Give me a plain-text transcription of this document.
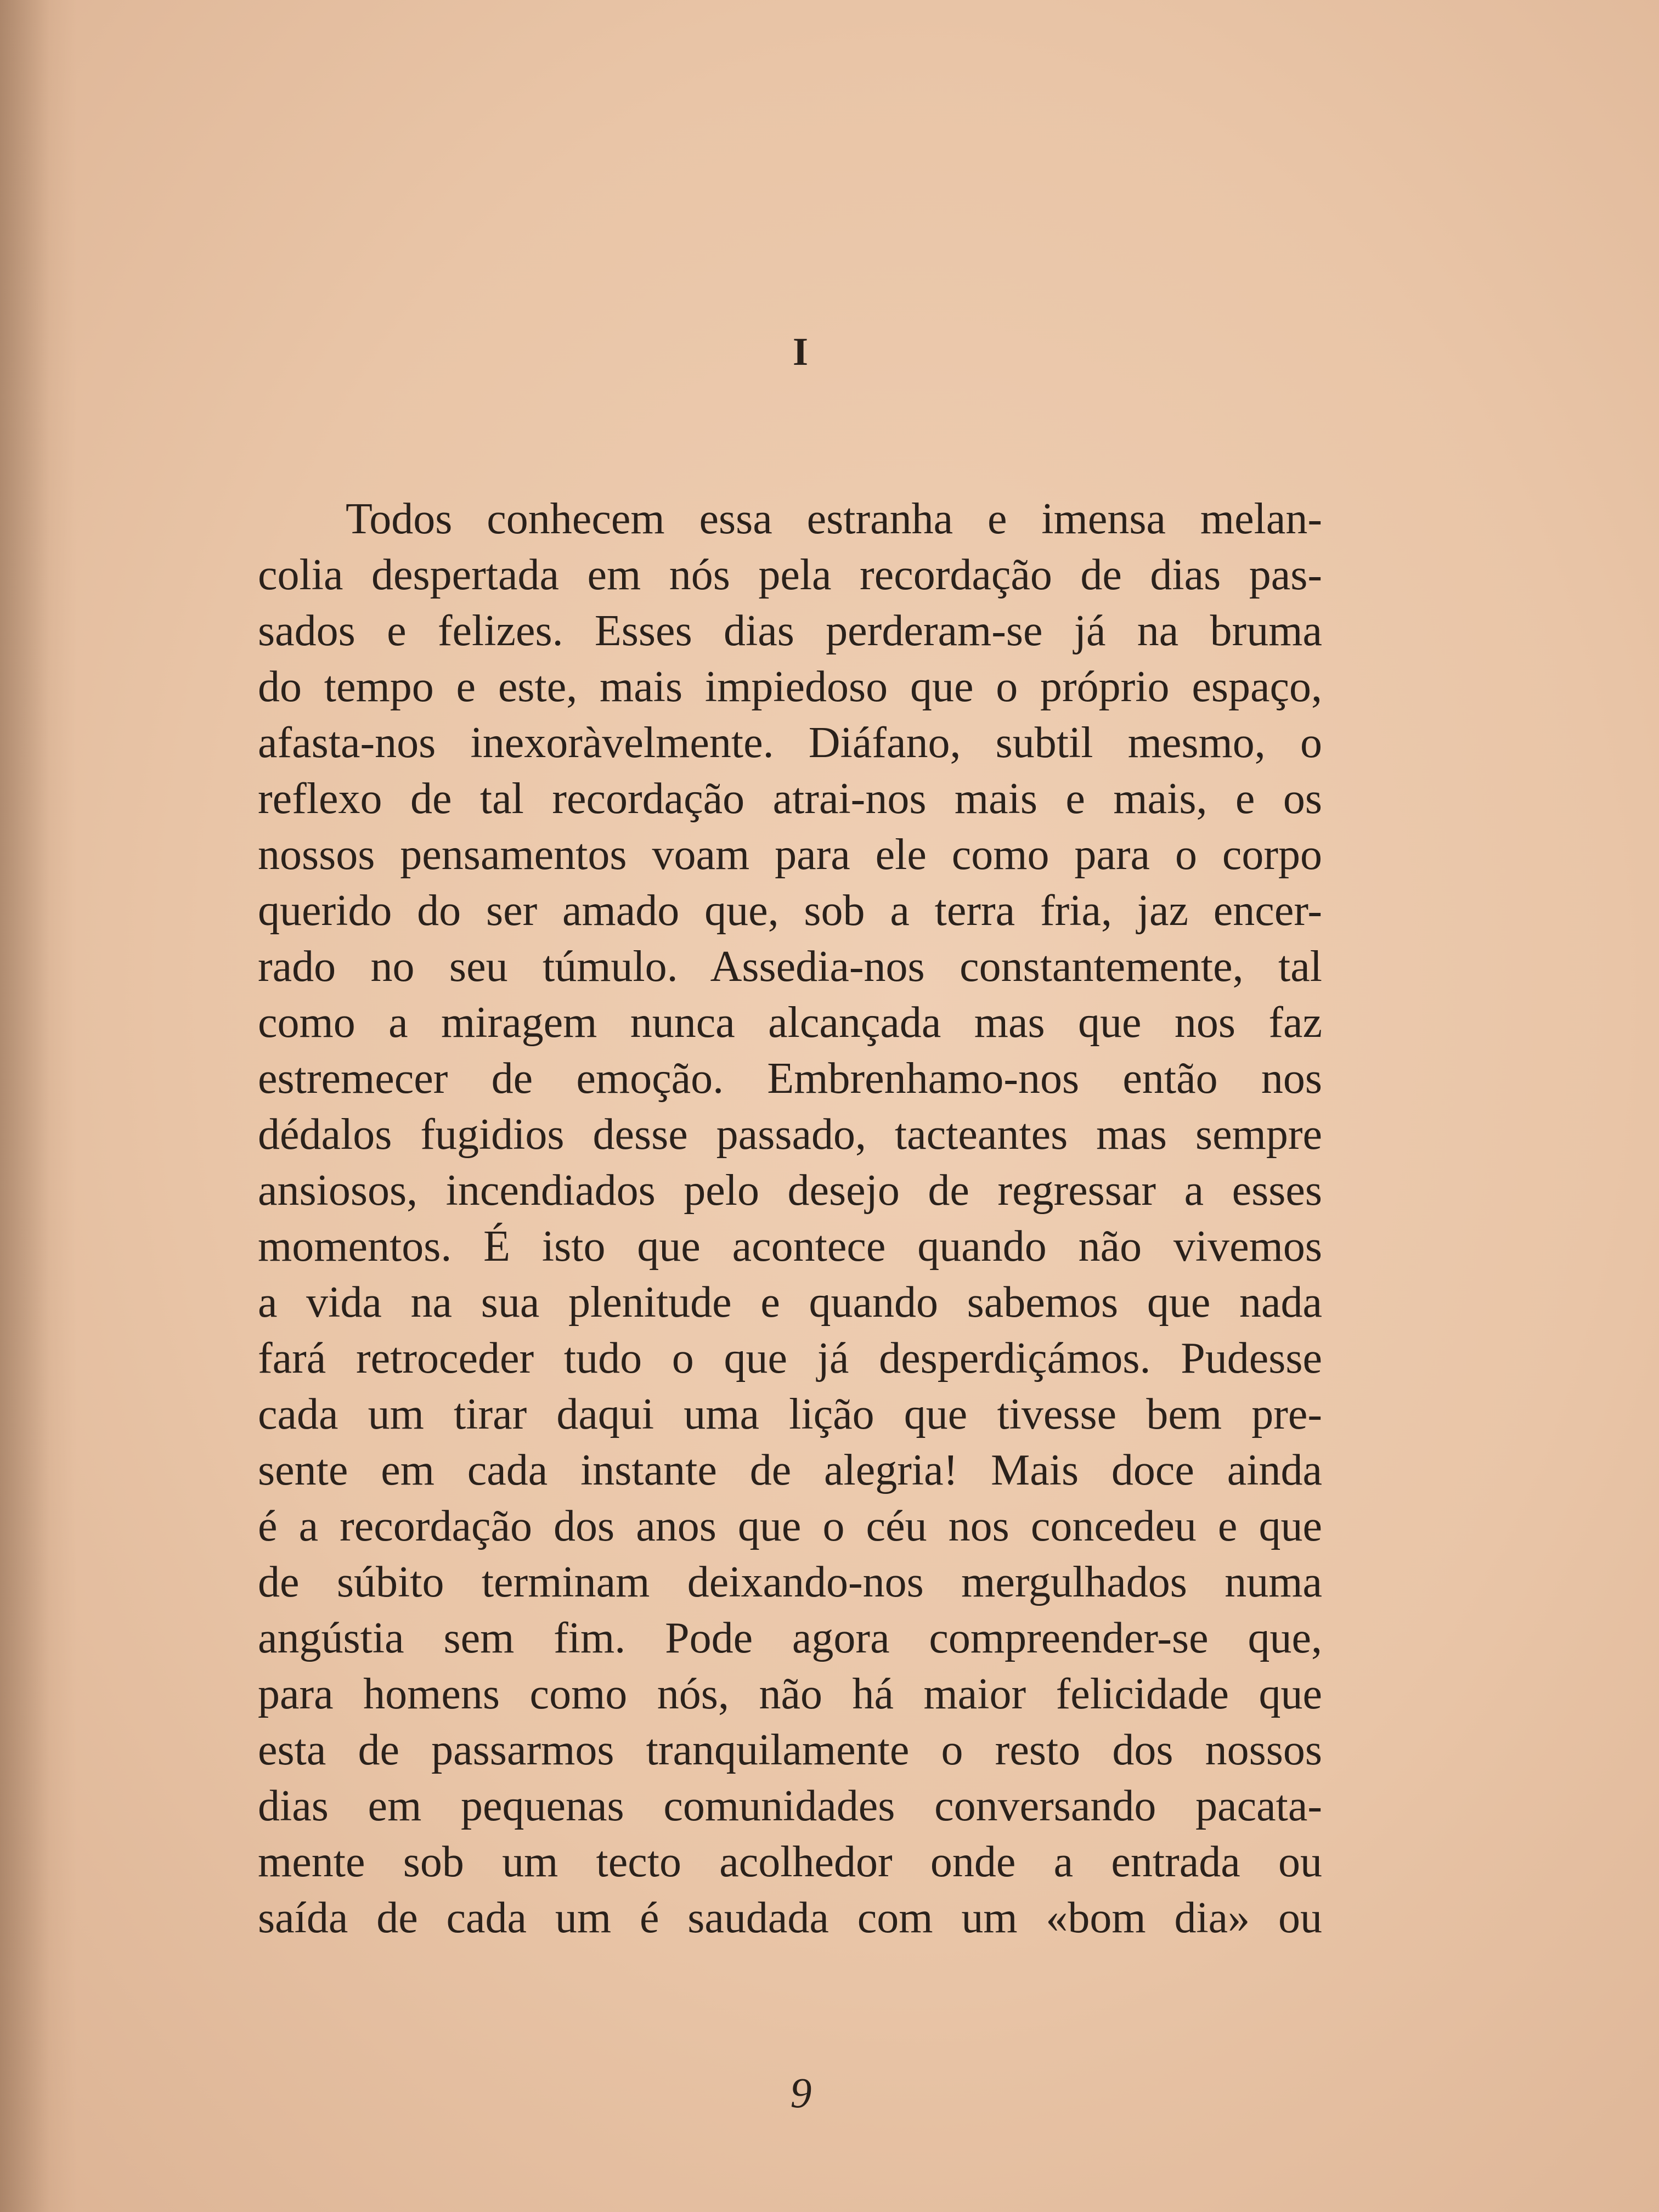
I
Todos conhecem essa estranha e imensa melan-
colia despertada em nós pela recordação de dias pas-
sados e felizes. Esses dias perderam-se já na bruma
do tempo e este, mais impiedoso que o próprio espaço,
afasta-nos inexoràvelmente. Diáfano, subtil mesmo, o
reflexo de tal recordação atrai-nos mais e mais, e os
nossos pensamentos voam para ele como para o corpo
querido do ser amado que, sob a terra fria, jaz encer-
rado no seu túmulo. Assedia-nos constantemente, tal
como a miragem nunca alcançada mas que nos faz
estremecer de emoção. Embrenhamo-nos então nos
dédalos fugidios desse passado, tacteantes mas sempre
ansiosos, incendiados pelo desejo de regressar a esses
momentos. É isto que acontece quando não vivemos
a vida na sua plenitude e quando sabemos que nada
fará retroceder tudo o que já desperdiçámos. Pudesse
cada um tirar daqui uma lição que tivesse bem pre-
sente em cada instante de alegria! Mais doce ainda
é a recordação dos anos que o céu nos concedeu e que
de súbito terminam deixando-nos mergulhados numa
angústia sem fim. Pode agora compreender-se que,
para homens como nós, não há maior felicidade que
esta de passarmos tranquilamente o resto dos nossos
dias em pequenas comunidades conversando pacata-
mente sob um tecto acolhedor onde a entrada ou
saída de cada um é saudada com um «bom dia» ou
9
